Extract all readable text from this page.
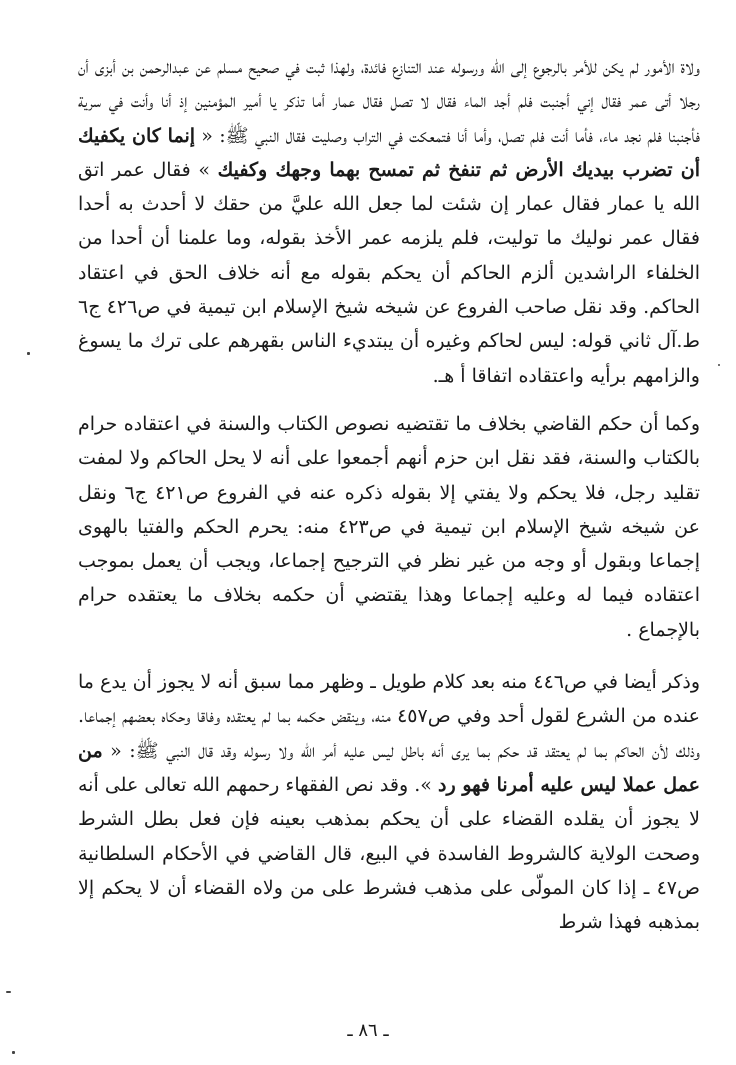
ولاة الأمور لم يكن للأمر بالرجوع إلى الله ورسوله عند التنازع فائدة، ولهذا ثبت في صحيح مسلم عن عبدالرحمن بن أبزى أن رجلا أتى عمر فقال إني أجنبت فلم أجد الماء فقال لا تصل فقال عمار أما تذكر يا أمير المؤمنين إذ أنا وأنت في سرية فأجنبنا فلم نجد ماء، فأما أنت فلم تصل، وأما أنا فتمعكت في التراب وصليت فقال النبي ﷺ: « إنما كان يكفيك أن تضرب بيديك الأرض ثم تنفخ ثم تمسح بهما وجهك وكفيك » فقال عمر اتق الله يا عمار فقال عمار إن شئت لما جعل الله عليَّ من حقك لا أحدث به أحدا فقال عمر نوليك ما توليت، فلم يلزمه عمر الأخذ بقوله، وما علمنا أن أحدا من الخلفاء الراشدين ألزم الحاكم أن يحكم بقوله مع أنه خلاف الحق في اعتقاد الحاكم. وقد نقل صاحب الفروع عن شيخه شيخ الإسلام ابن تيمية في ص٤٢٦ ج٦ ط.آل ثاني قوله: ليس لحاكم وغيره أن يبتديء الناس بقهرهم على ترك ما يسوغ والزامهم برأيه واعتقاده اتفاقا أ هـ.

وكما أن حكم القاضي بخلاف ما تقتضيه نصوص الكتاب والسنة في اعتقاده حرام بالكتاب والسنة، فقد نقل ابن حزم أنهم أجمعوا على أنه لا يحل الحاكم ولا لمفت تقليد رجل، فلا يحكم ولا يفتي إلا بقوله ذكره عنه في الفروع ص٤٢١ ج٦ ونقل عن شيخه شيخ الإسلام ابن تيمية في ص٤٢٣ منه: يحرم الحكم والفتيا بالهوى إجماعا وبقول أو وجه من غير نظر في الترجيح إجماعا، ويجب أن يعمل بموجب اعتقاده فيما له وعليه إجماعا وهذا يقتضي أن حكمه بخلاف ما يعتقده حرام بالإجماع .

وذكر أيضا في ص٤٤٦ منه بعد كلام طويل ـ وظهر مما سبق أنه لا يجوز أن يدع ما عنده من الشرع لقول أحد وفي ص٤٥٧ منه، وينقض حكمه بما لم يعتقده وفاقا وحكاه بعضهم إجماعا. وذلك لأن الحاكم بما لم يعتقد قد حكم بما يرى أنه باطل ليس عليه أمر الله ولا رسوله وقد قال النبي ﷺ: « من عمل عملا ليس عليه أمرنا فهو رد ». وقد نص الفقهاء رحمهم الله تعالى على أنه لا يجوز أن يقلده القضاء على أن يحكم بمذهب بعينه فإن فعل بطل الشرط وصحت الولاية كالشروط الفاسدة في البيع، قال القاضي في الأحكام السلطانية ص٤٧ ـ إذا كان المولّى على مذهب فشرط على من ولاه القضاء أن لا يحكم إلا بمذهبه فهذا شرط

ـ ٨٦ ـ
